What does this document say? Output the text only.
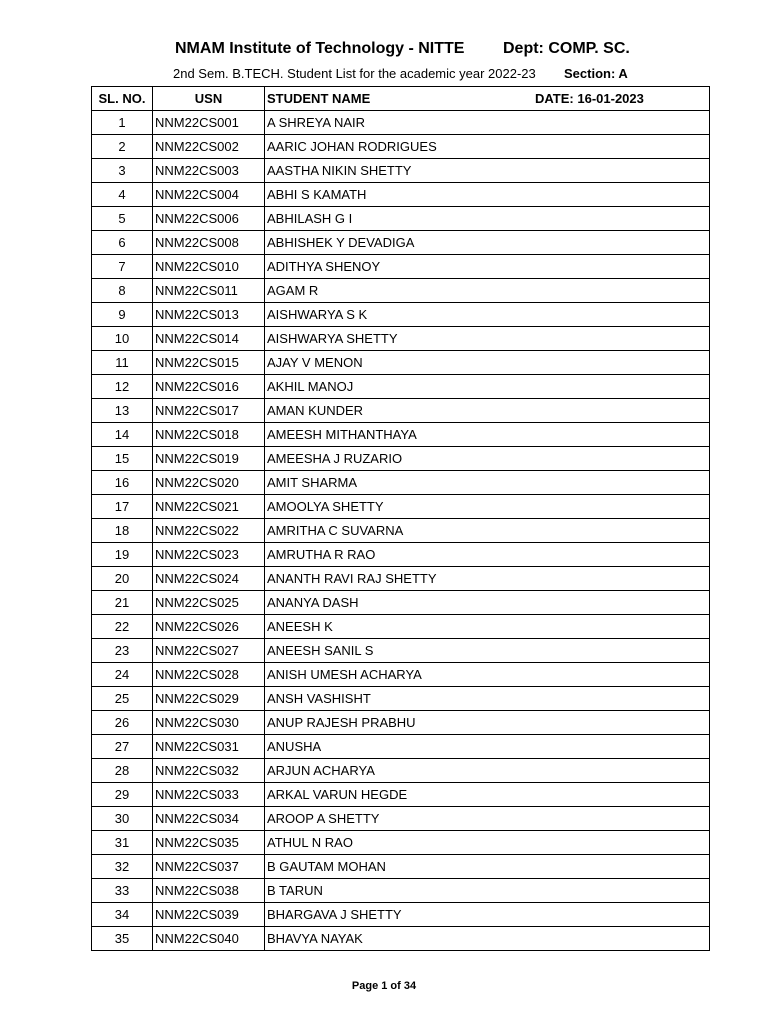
NMAM Institute of Technology - NITTE Dept: COMP. SC.
2nd Sem. B.TECH. Student List for the academic year 2022-23 Section: A
SL. NO.	USN	STUDENT NAME DATE: 16-01-2023

1	NNM22CS001	A SHREYA NAIR
2	NNM22CS002	AARIC JOHAN RODRIGUES
3	NNM22CS003	AASTHA NIKIN SHETTY
4	NNM22CS004	ABHI S KAMATH
5	NNM22CS006	ABHILASH G I
6	NNM22CS008	ABHISHEK Y DEVADIGA
7	NNM22CS010	ADITHYA SHENOY
8	NNM22CS011	AGAM R
9	NNM22CS013	AISHWARYA S K
10	NNM22CS014	AISHWARYA SHETTY
11	NNM22CS015	AJAY V MENON
12	NNM22CS016	AKHIL MANOJ
13	NNM22CS017	AMAN KUNDER
14	NNM22CS018	AMEESH MITHANTHAYA
15	NNM22CS019	AMEESHA J RUZARIO
16	NNM22CS020	AMIT SHARMA
17	NNM22CS021	AMOOLYA SHETTY
18	NNM22CS022	AMRITHA C SUVARNA
19	NNM22CS023	AMRUTHA R RAO
20	NNM22CS024	ANANTH RAVI RAJ SHETTY
21	NNM22CS025	ANANYA DASH
22	NNM22CS026	ANEESH K
23	NNM22CS027	ANEESH SANIL S
24	NNM22CS028	ANISH UMESH ACHARYA
25	NNM22CS029	ANSH VASHISHT
26	NNM22CS030	ANUP RAJESH PRABHU
27	NNM22CS031	ANUSHA
28	NNM22CS032	ARJUN ACHARYA
29	NNM22CS033	ARKAL VARUN HEGDE
30	NNM22CS034	AROOP A SHETTY
31	NNM22CS035	ATHUL N RAO
32	NNM22CS037	B GAUTAM MOHAN
33	NNM22CS038	B TARUN
34	NNM22CS039	BHARGAVA J SHETTY
35	NNM22CS040	BHAVYA NAYAK
Page 1 of 34
